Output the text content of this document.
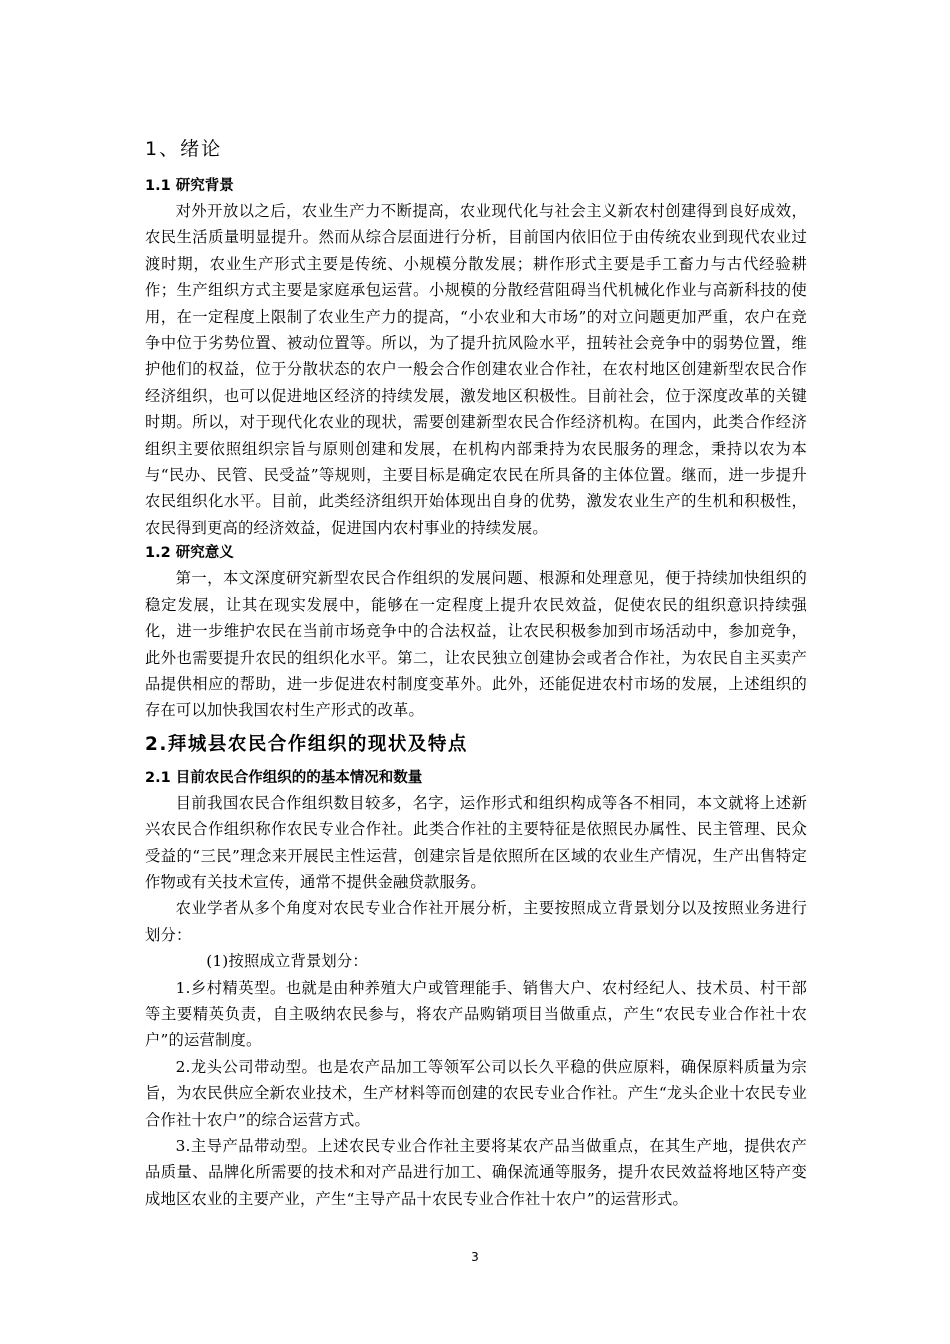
1、绪论
1.1 研究背景

对外开放以之后，农业生产力不断提高，农业现代化与社会主义新农村创建得到良好成效，农民生活质量明显提升。然而从综合层面进行分析，目前国内依旧位于由传统农业到现代农业过渡时期，农业生产形式主要是传统、小规模分散发展；耕作形式主要是手工畜力与古代经验耕作；生产组织方式主要是家庭承包运营。小规模的分散经营阻碍当代机械化作业与高新科技的使用，在一定程度上限制了农业生产力的提高，“小农业和大市场”的对立问题更加严重，农户在竞争中位于劣势位置、被动位置等。所以，为了提升抗风险水平，扭转社会竞争中的弱势位置，维护他们的权益，位于分散状态的农户一般会合作创建农业合作社，在农村地区创建新型农民合作经济组织，也可以促进地区经济的持续发展，激发地区积极性。目前社会，位于深度改革的关键时期。所以，对于现代化农业的现状，需要创建新型农民合作经济机构。在国内，此类合作经济组织主要依照组织宗旨与原则创建和发展，在机构内部秉持为农民服务的理念，秉持以农为本与“民办、民管、民受益”等规则，主要目标是确定农民在所具备的主体位置。继而，进一步提升农民组织化水平。目前，此类经济组织开始体现出自身的优势，激发农业生产的生机和积极性，农民得到更高的经济效益，促进国内农村事业的持续发展。

1.2 研究意义

第一，本文深度研究新型农民合作组织的发展问题、根源和处理意见，便于持续加快组织的稳定发展，让其在现实发展中，能够在一定程度上提升农民效益，促使农民的组织意识持续强化，进一步维护农民在当前市场竞争中的合法权益，让农民积极参加到市场活动中，参加竞争，此外也需要提升农民的组织化水平。第二，让农民独立创建协会或者合作社，为农民自主买卖产品提供相应的帮助，进一步促进农村制度变革外。此外，还能促进农村市场的发展，上述组织的存在可以加快我国农村生产形式的改革。

2.拜城县农民合作组织的现状及特点
2.1 目前农民合作组织的的基本情况和数量

目前我国农民合作组织数目较多，名字，运作形式和组织构成等各不相同，本文就将上述新兴农民合作组织称作农民专业合作社。此类合作社的主要特征是依照民办属性、民主管理、民众受益的“三民”理念来开展民主性运营，创建宗旨是依照所在区域的农业生产情况，生产出售特定作物或有关技术宣传，通常不提供金融贷款服务。

农业学者从多个角度对农民专业合作社开展分析，主要按照成立背景划分以及按照业务进行划分：

(1)按照成立背景划分：

1.乡村精英型。也就是由种养殖大户或管理能手、销售大户、农村经纪人、技术员、村干部等主要精英负责，自主吸纳农民参与，将农产品购销项目当做重点，产生“农民专业合作社十农户”的运营制度。

2.龙头公司带动型。也是农产品加工等领军公司以长久平稳的供应原料，确保原料质量为宗旨，为农民供应全新农业技术，生产材料等而创建的农民专业合作社。产生“龙头企业十农民专业合作社十农户”的综合运营方式。

3.主导产品带动型。上述农民专业合作社主要将某农产品当做重点，在其生产地，提供农产品质量、品牌化所需要的技术和对产品进行加工、确保流通等服务，提升农民效益将地区特产变成地区农业的主要产业，产生“主导产品十农民专业合作社十农户”的运营形式。

3
